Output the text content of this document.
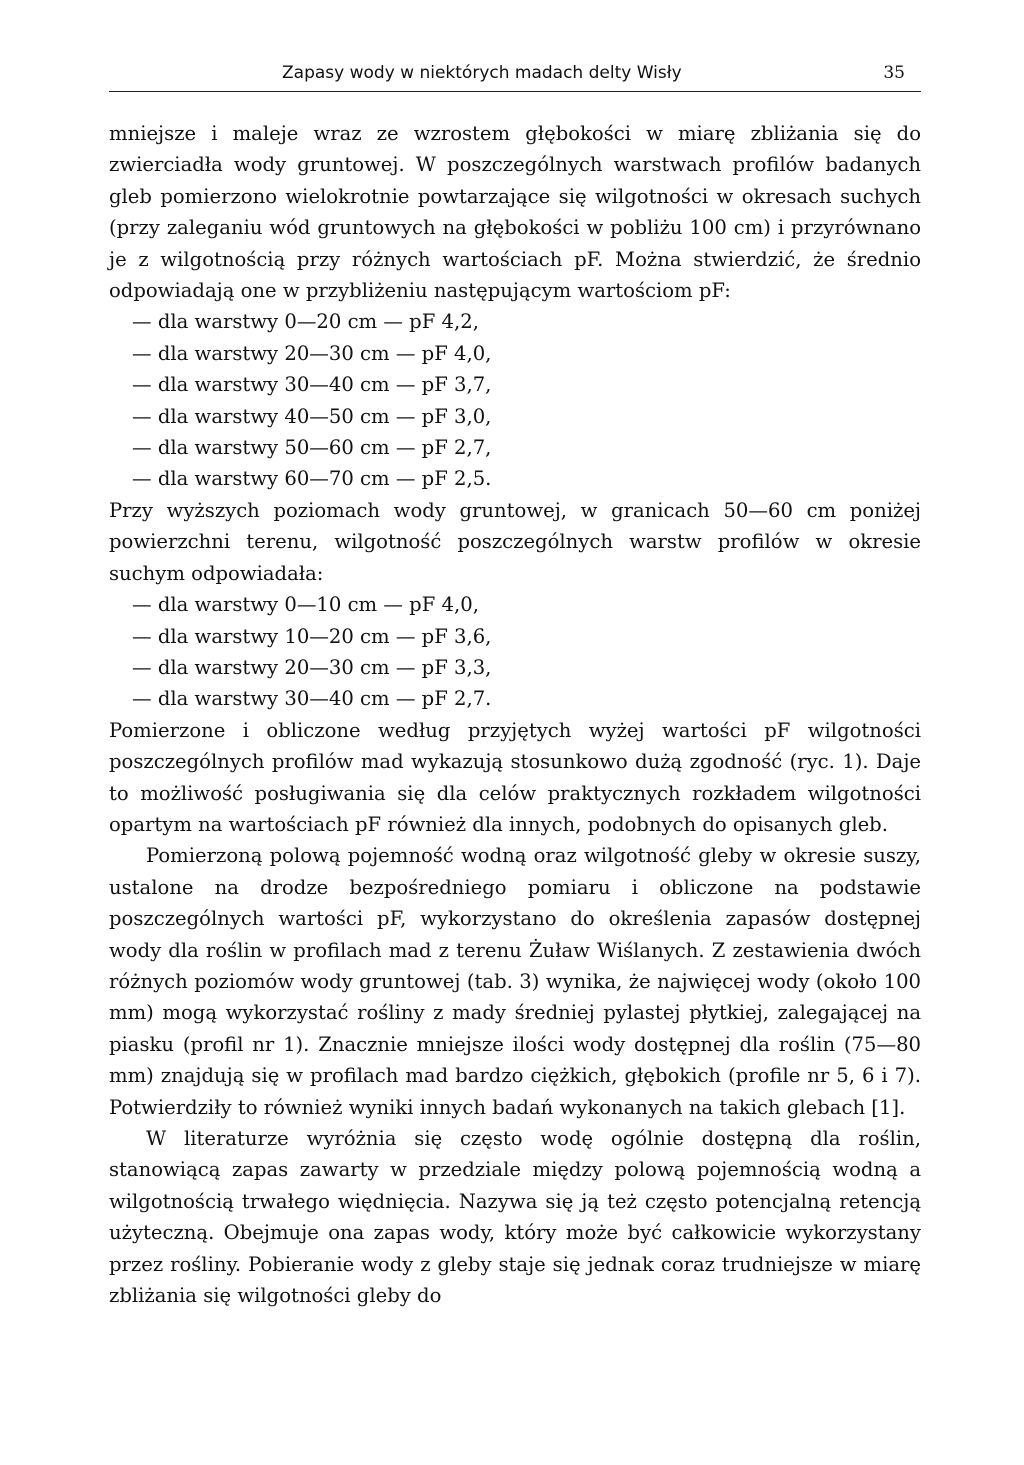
Zapasy wody w niektórych madach delty Wisły	35

mniejsze i maleje wraz ze wzrostem głębokości w miarę zbliżania się do zwierciadła wody gruntowej. W poszczególnych warstwach profilów badanych gleb pomierzono wielokrotnie powtarzające się wilgotności w okresach suchych (przy zaleganiu wód gruntowych na głębokości w pobliżu 100 cm) i przyrównano je z wilgotnością przy różnych wartościach pF. Można stwierdzić, że średnio odpowiadają one w przybliżeniu następującym wartościom pF:

— dla warstwy 0—20 cm — pF 4,2,
— dla warstwy 20—30 cm — pF 4,0,
— dla warstwy 30—40 cm — pF 3,7,
— dla warstwy 40—50 cm — pF 3,0,
— dla warstwy 50—60 cm — pF 2,7,
— dla warstwy 60—70 cm — pF 2,5.

Przy wyższych poziomach wody gruntowej, w granicach 50—60 cm poniżej powierzchni terenu, wilgotność poszczególnych warstw profilów w okresie suchym odpowiadała:

— dla warstwy 0—10 cm — pF 4,0,
— dla warstwy 10—20 cm — pF 3,6,
— dla warstwy 20—30 cm — pF 3,3,
— dla warstwy 30—40 cm — pF 2,7.

Pomierzone i obliczone według przyjętych wyżej wartości pF wilgotności poszczególnych profilów mad wykazują stosunkowo dużą zgodność (ryc. 1). Daje to możliwość posługiwania się dla celów praktycznych rozkładem wilgotności opartym na wartościach pF również dla innych, podobnych do opisanych gleb.

Pomierzoną polową pojemność wodną oraz wilgotność gleby w okresie suszy, ustalone na drodze bezpośredniego pomiaru i obliczone na podstawie poszczególnych wartości pF, wykorzystano do określenia zapasów dostępnej wody dla roślin w profilach mad z terenu Żuław Wiślanych. Z zestawienia dwóch różnych poziomów wody gruntowej (tab. 3) wynika, że najwięcej wody (około 100 mm) mogą wykorzystać rośliny z mady średniej pylastej płytkiej, zalegającej na piasku (profil nr 1). Znacznie mniejsze ilości wody dostępnej dla roślin (75—80 mm) znajdują się w profilach mad bardzo ciężkich, głębokich (profile nr 5, 6 i 7). Potwierdziły to również wyniki innych badań wykonanych na takich glebach [1].

W literaturze wyróżnia się często wodę ogólnie dostępną dla roślin, stanowiącą zapas zawarty w przedziale między polową pojemnością wodną a wilgotnością trwałego więdnięcia. Nazywa się ją też często potencjalną retencją użyteczną. Obejmuje ona zapas wody, który może być całkowicie wykorzystany przez rośliny. Pobieranie wody z gleby staje się jednak coraz trudniejsze w miarę zbliżania się wilgotności gleby do
